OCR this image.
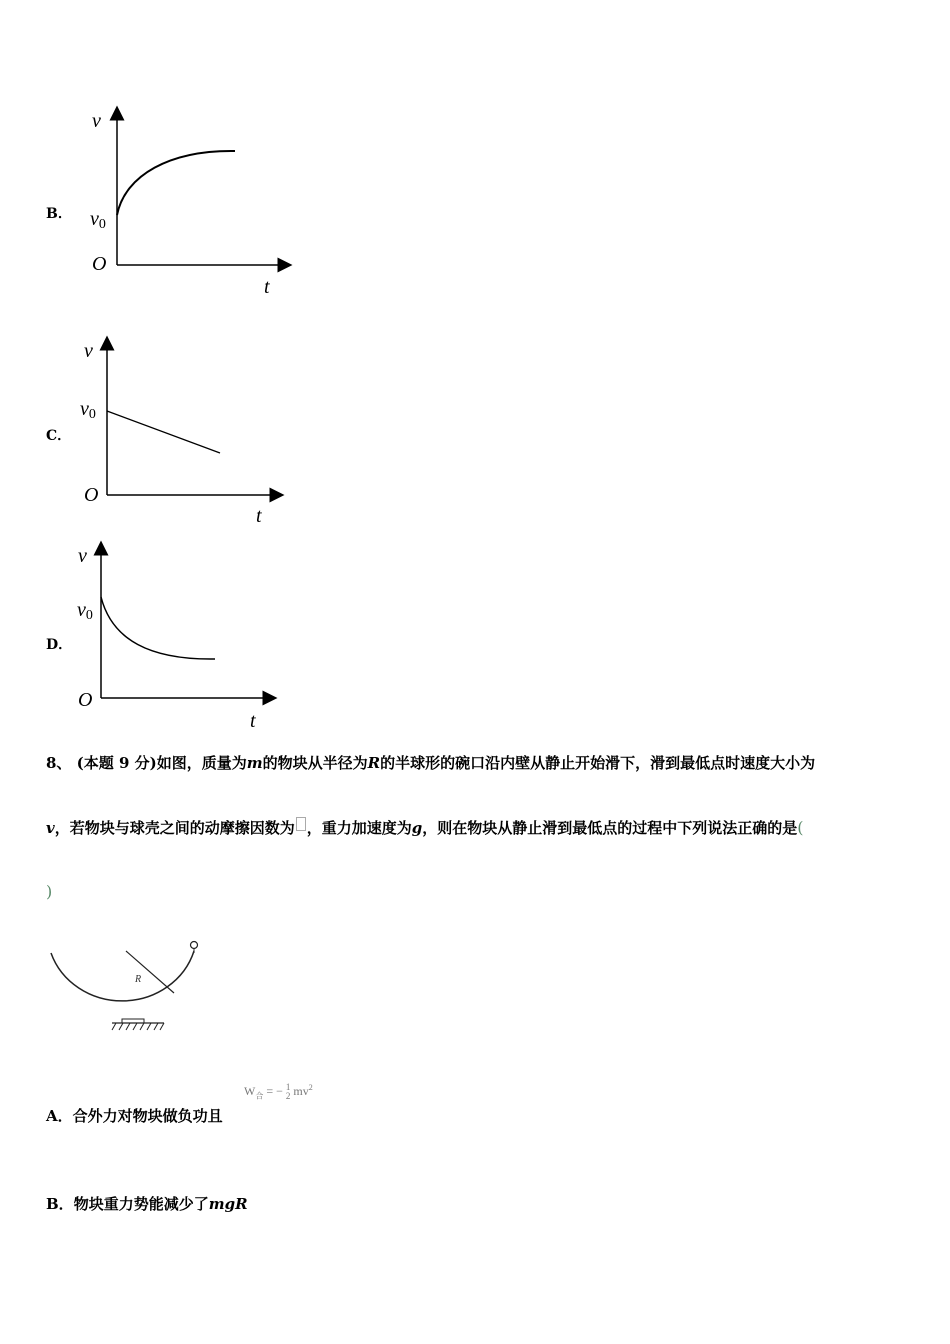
B．
v
t
O
v0
C．
v
t
O
v0
D．
v
t
O
v0
8、 (本题 9 分)如图，质量为m的物块从半径为R的半球形的碗口沿内壁从静止开始滑下，滑到最低点时速度大小为
v，若物块与球壳之间的动摩擦因数为 ，重力加速度为g，则在物块从静止滑到最低点的过程中下列说法正确的是(
)
R
A．合外力对物块做负功且
$W_合$ = − 1
2 $mv^2$
B．物块重力势能减少了mgR
